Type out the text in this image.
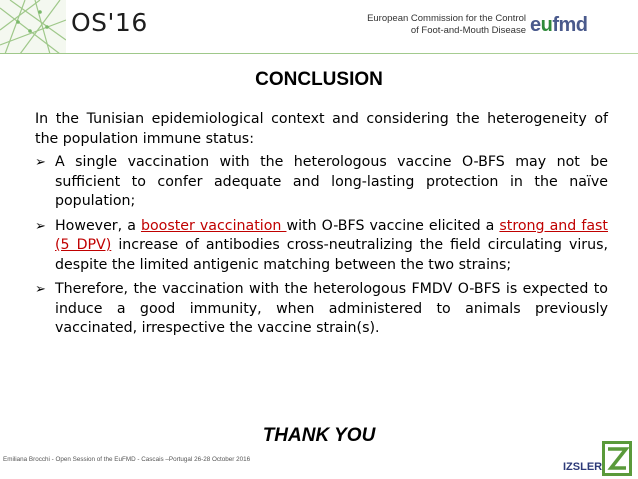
OS'16	European Commission for the Control
of Foot-and-Mouth Disease eufmd
CONCLUSION

In the Tunisian epidemiological context and considering the heterogeneity of the population immune status:

➢ A single vaccination with the heterologous vaccine O-BFS may not be sufficient to confer adequate and long-lasting protection in the naïve population;

➢ However, a booster vaccination with O-BFS vaccine elicited a strong and fast (5 DPV) increase of antibodies cross-neutralizing the field circulating virus, despite the limited antigenic matching between the two strains;

➢ Therefore, the vaccination with the heterologous FMDV O-BFS is expected to induce a good immunity, when administered to animals previously vaccinated, irrespective the vaccine strain(s).

THANK YOU
Emiliana Brocchi - Open Session of the EuFMD - Cascais –Portugal 26-28 October 2016
IZSLER
